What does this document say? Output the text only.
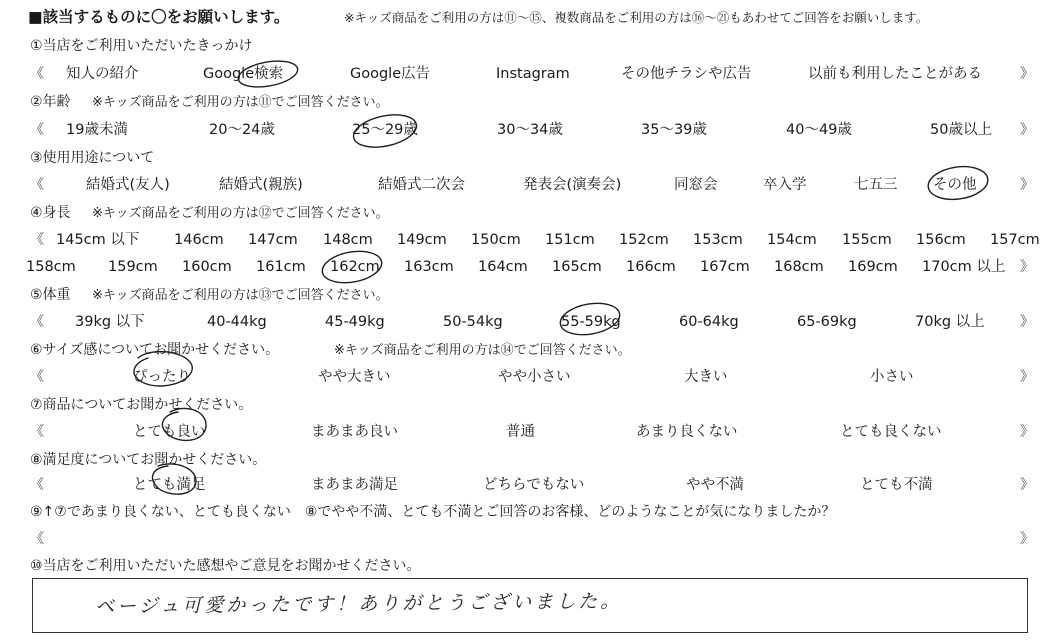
■該当するものに〇をお願いします。	※キッズ商品をご利用の方は⑪～⑮、複数商品をご利用の方は⑯～㉑もあわせてご回答をお願いします。
①当店をご利用いただいたきっかけ
《 知人の紹介	Google検索	Google広告	Instagram	その他チラシや広告	以前も利用したことがある	》
②年齢 ※キッズ商品をご利用の方は⑪でご回答ください。
《 19歳未満	20～24歳	25～29歳	30～34歳	35～39歳	40～49歳	50歳以上 》
③使用用途について
《	結婚式(友人)	結婚式(親族)	結婚式二次会	発表会(演奏会)	同窓会	卒入学	七五三 その他	》
④身長 ※キッズ商品をご利用の方は⑫でご回答ください。
《 145cm 以下 146cm 147cm 148cm 149cm 150cm 151cm 152cm 153cm 154cm 155cm 156cm 157cm
158cm 159cm 160cm 161cm 162cm 163cm 164cm 165cm 166cm 167cm 168cm 169cm 170cm 以上 》
⑤体重 ※キッズ商品をご利用の方は⑬でご回答ください。
《 39kg 以下	40-44kg	45-49kg	50-54kg	55-59kg	60-64kg	65-69kg	70kg 以上	》
⑥サイズ感についてお聞かせください。	※キッズ商品をご利用の方は⑭でご回答ください。
《	ぴったり	やや大きい	やや小さい	大きい	小さい	》
⑦商品についてお聞かせください。
《	とても良い	まあまあ良い	普通	あまり良くない	とても良くない	》
⑧満足度についてお聞かせください。
《	とても満足	まあまあ満足	どちらでもない	やや不満	とても不満	》
⑨↑⑦であまり良くない、とても良くない　⑧でやや不満、とても不満とご回答のお客様、どのようなことが気になりましたか？
《	》
⑩当店をご利用いただいた感想やご意見をお聞かせください。
ベージュ可愛かったです！ありがとうございました。
